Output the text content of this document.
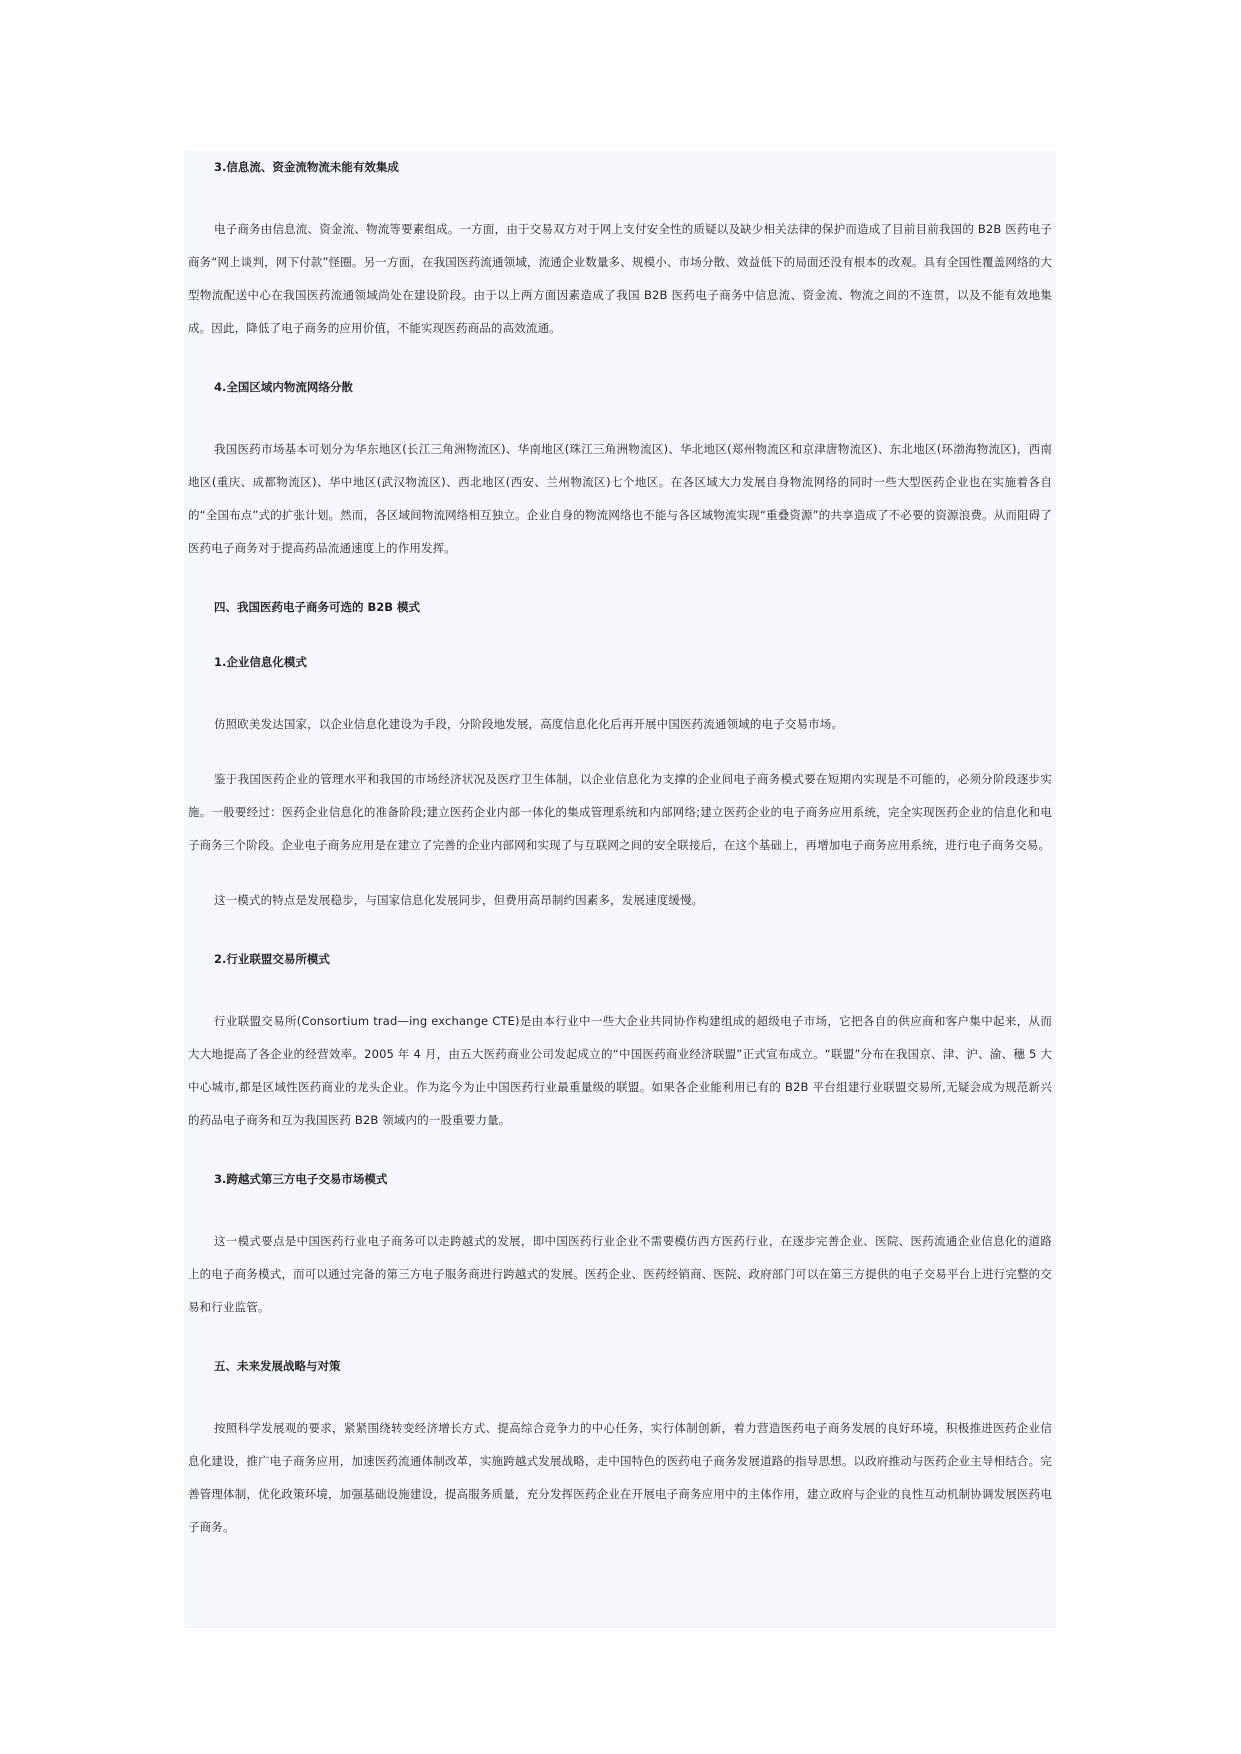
3.信息流、资金流物流未能有效集成

电子商务由信息流、资金流、物流等要素组成。一方面，由于交易双方对于网上支付安全性的质疑以及缺少相关法律的保护而造成了目前目前我国的 B2B 医药电子商务“网上谈判，网下付款”怪圈。另一方面，在我国医药流通领域，流通企业数量多、规模小、市场分散、效益低下的局面还没有根本的改观。具有全国性覆盖网络的大型物流配送中心在我国医药流通领域尚处在建设阶段。由于以上两方面因素造成了我国 B2B 医药电子商务中信息流、资金流、物流之间的不连贯，以及不能有效地集成。因此，降低了电子商务的应用价值，不能实现医药商品的高效流通。

4.全国区域内物流网络分散

我国医药市场基本可划分为华东地区(长江三角洲物流区)、华南地区(珠江三角洲物流区)、华北地区(郑州物流区和京津唐物流区)、东北地区(环渤海物流区)，西南地区(重庆、成都物流区)、华中地区(武汉物流区)、西北地区(西安、兰州物流区)七个地区。在各区域大力发展自身物流网络的同时一些大型医药企业也在实施着各自的“全国布点”式的扩张计划。然而，各区域间物流网络相互独立。企业自身的物流网络也不能与各区域物流实现“重叠资源”的共享造成了不必要的资源浪费。从而阻碍了医药电子商务对于提高药品流通速度上的作用发挥。

四、我国医药电子商务可选的 B2B 模式

1.企业信息化模式

仿照欧美发达国家，以企业信息化建设为手段，分阶段地发展，高度信息化化后再开展中国医药流通领域的电子交易市场。

鉴于我国医药企业的管理水平和我国的市场经济状况及医疗卫生体制，以企业信息化为支撑的企业间电子商务模式要在短期内实现是不可能的，必须分阶段逐步实施。一般要经过：医药企业信息化的准备阶段;建立医药企业内部一体化的集成管理系统和内部网络;建立医药企业的电子商务应用系统，完全实现医药企业的信息化和电子商务三个阶段。企业电子商务应用是在建立了完善的企业内部网和实现了与互联网之间的安全联接后，在这个基础上，再增加电子商务应用系统，进行电子商务交易。

这一模式的特点是发展稳步，与国家信息化发展同步，但费用高昂制约因素多，发展速度缓慢。

2.行业联盟交易所模式

行业联盟交易所(Consortium trad—ing exchange CTE)是由本行业中一些大企业共同协作构建组成的超级电子市场，它把各自的供应商和客户集中起来，从而大大地提高了各企业的经营效率。2005 年 4 月，由五大医药商业公司发起成立的“中国医药商业经济联盟”正式宣布成立。“联盟”分布在我国京、津、沪、渝、穗 5 大中心城市,都是区域性医药商业的龙头企业。作为迄今为止中国医药行业最重量级的联盟。如果各企业能利用已有的 B2B 平台组建行业联盟交易所,无疑会成为规范新兴的药品电子商务和互为我国医药 B2B 领域内的一股重要力量。

3.跨越式第三方电子交易市场模式

这一模式要点是中国医药行业电子商务可以走跨越式的发展，即中国医药行业企业不需要模仿西方医药行业，在逐步完善企业、医院、医药流通企业信息化的道路上的电子商务模式，而可以通过完备的第三方电子服务商进行跨越式的发展。医药企业、医药经销商、医院、政府部门可以在第三方提供的电子交易平台上进行完整的交易和行业监管。

五、未来发展战略与对策

按照科学发展观的要求，紧紧围绕转变经济增长方式、提高综合竞争力的中心任务，实行体制创新，着力营造医药电子商务发展的良好环境，积极推进医药企业信息化建设，推广电子商务应用，加速医药流通体制改革，实施跨越式发展战略，走中国特色的医药电子商务发展道路的指导思想。以政府推动与医药企业主导相结合。完善管理体制，优化政策环境，加强基础设施建设，提高服务质量，充分发挥医药企业在开展电子商务应用中的主体作用，建立政府与企业的良性互动机制协调发展医药电子商务。
